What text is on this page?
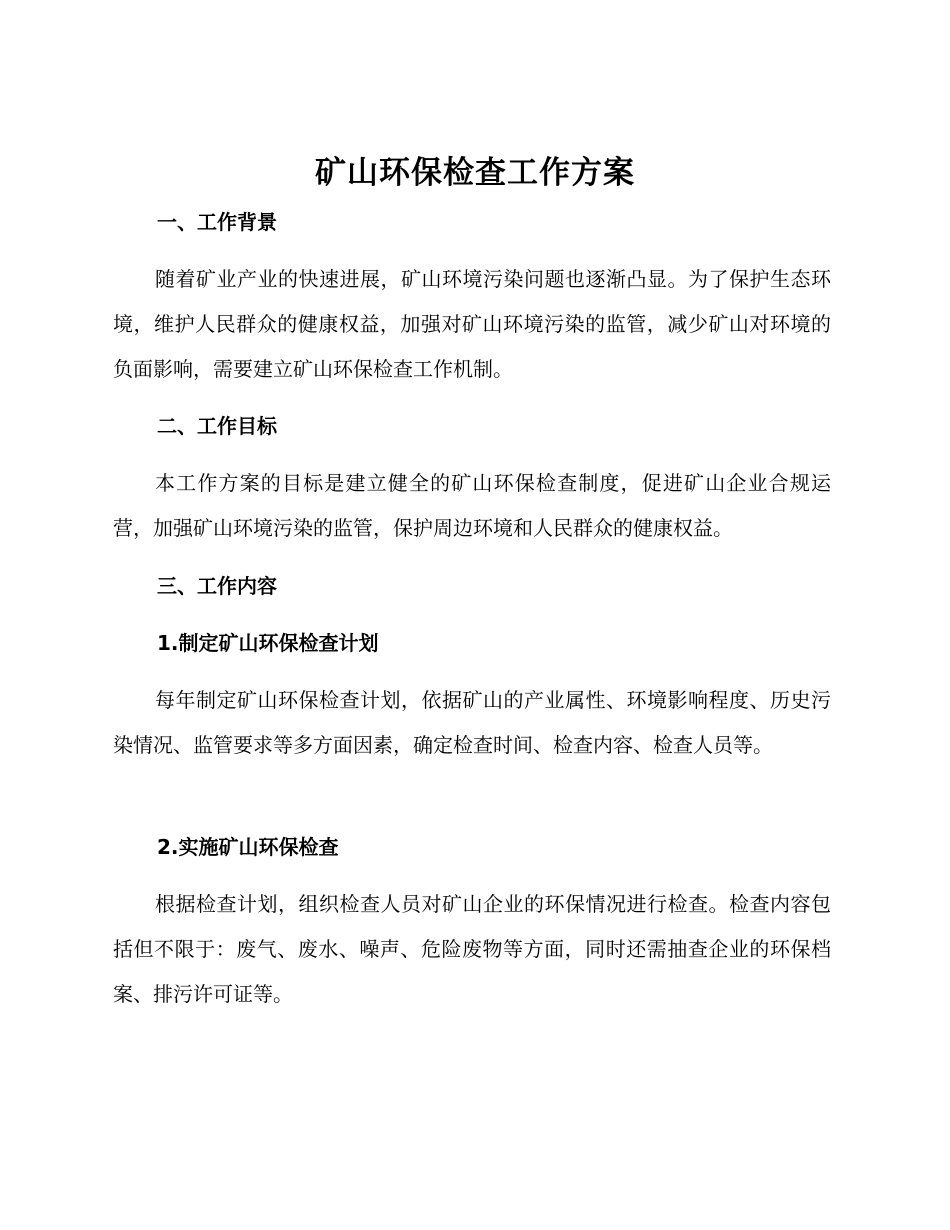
矿山环保检查工作方案
一、工作背景

随着矿业产业的快速进展，矿山环境污染问题也逐渐凸显。为了保护生态环境，维护人民群众的健康权益，加强对矿山环境污染的监管，减少矿山对环境的负面影响，需要建立矿山环保检查工作机制。

二、工作目标

本工作方案的目标是建立健全的矿山环保检查制度，促进矿山企业合规运营，加强矿山环境污染的监管，保护周边环境和人民群众的健康权益。

三、工作内容
1.制定矿山环保检查计划

每年制定矿山环保检查计划，依据矿山的产业属性、环境影响程度、历史污染情况、监管要求等多方面因素，确定检查时间、检查内容、检查人员等。

2.实施矿山环保检查

根据检查计划，组织检查人员对矿山企业的环保情况进行检查。检查内容包括但不限于：废气、废水、噪声、危险废物等方面，同时还需抽查企业的环保档案、排污许可证等。
